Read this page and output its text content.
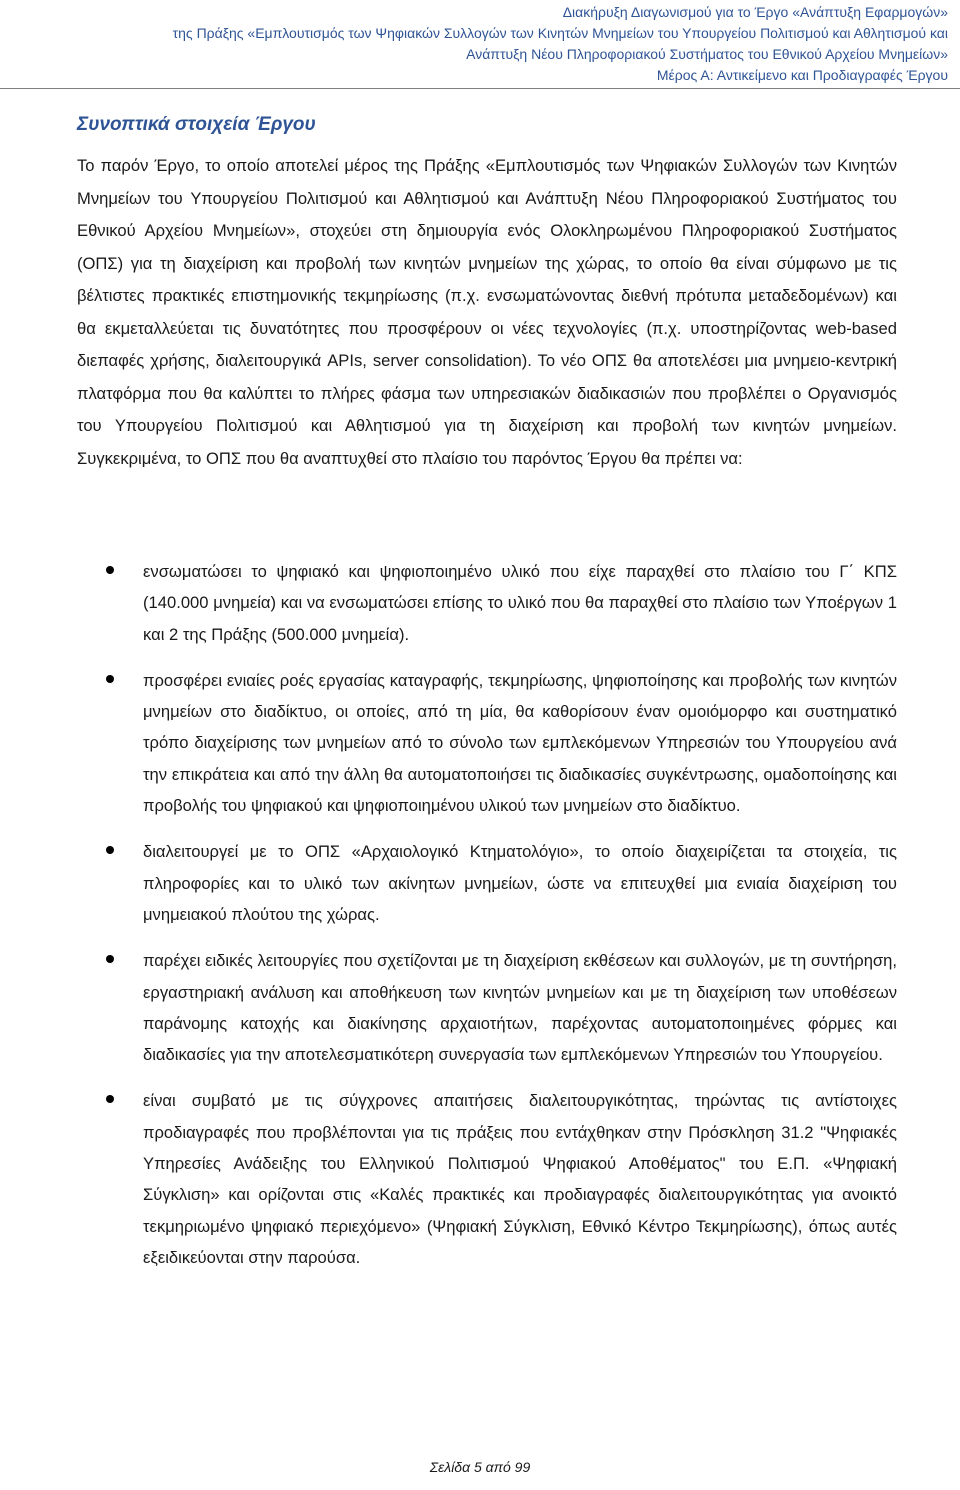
Διακήρυξη Διαγωνισμού για το Έργο «Ανάπτυξη Εφαρμογών»
της Πράξης «Εμπλουτισμός των Ψηφιακών Συλλογών των Κινητών Μνημείων του Υπουργείου Πολιτισμού και Αθλητισμού και
Ανάπτυξη Νέου Πληροφοριακού Συστήματος του Εθνικού Αρχείου Μνημείων»
Μέρος Α: Αντικείμενο και Προδιαγραφές Έργου
Συνοπτικά στοιχεία Έργου

Το παρόν Έργο, το οποίο αποτελεί μέρος της Πράξης «Εμπλουτισμός των Ψηφιακών Συλλογών των Κινητών Μνημείων του Υπουργείου Πολιτισμού και Αθλητισμού και Ανάπτυξη Νέου Πληροφοριακού Συστήματος του Εθνικού Αρχείου Μνημείων», στοχεύει στη δημιουργία ενός Ολοκληρωμένου Πληροφοριακού Συστήματος (ΟΠΣ) για τη διαχείριση και προβολή των κινητών μνημείων της χώρας, το οποίο θα είναι σύμφωνο με τις βέλτιστες πρακτικές επιστημονικής τεκμηρίωσης (π.χ. ενσωματώνοντας διεθνή πρότυπα μεταδεδομένων) και θα εκμεταλλεύεται τις δυνατότητες που προσφέρουν οι νέες τεχνολογίες (π.χ. υποστηρίζοντας web-based διεπαφές χρήσης, διαλειτουργικά APIs, server consolidation). Το νέο ΟΠΣ θα αποτελέσει μια μνημειο-κεντρική πλατφόρμα που θα καλύπτει το πλήρες φάσμα των υπηρεσιακών διαδικασιών που προβλέπει ο Οργανισμός του Υπουργείου Πολιτισμού και Αθλητισμού για τη διαχείριση και προβολή των κινητών μνημείων. Συγκεκριμένα, το ΟΠΣ που θα αναπτυχθεί στο πλαίσιο του παρόντος Έργου θα πρέπει να:

ενσωματώσει το ψηφιακό και ψηφιοποιημένο υλικό που είχε παραχθεί στο πλαίσιο του Γ΄ ΚΠΣ (140.000 μνημεία) και να ενσωματώσει επίσης το υλικό που θα παραχθεί στο πλαίσιο των Υποέργων 1 και 2 της Πράξης (500.000 μνημεία).
προσφέρει ενιαίες ροές εργασίας καταγραφής, τεκμηρίωσης, ψηφιοποίησης και προβολής των κινητών μνημείων στο διαδίκτυο, οι οποίες, από τη μία, θα καθορίσουν έναν ομοιόμορφο και συστηματικό τρόπο διαχείρισης των μνημείων από το σύνολο των εμπλεκόμενων Υπηρεσιών του Υπουργείου ανά την επικράτεια και από την άλλη θα αυτοματοποιήσει τις διαδικασίες συγκέντρωσης, ομαδοποίησης και προβολής του ψηφιακού και ψηφιοποιημένου υλικού των μνημείων στο διαδίκτυο.
διαλειτουργεί με το ΟΠΣ «Αρχαιολογικό Κτηματολόγιο», το οποίο διαχειρίζεται τα στοιχεία, τις πληροφορίες και το υλικό των ακίνητων μνημείων, ώστε να επιτευχθεί μια ενιαία διαχείριση του μνημειακού πλούτου της χώρας.
παρέχει ειδικές λειτουργίες που σχετίζονται με τη διαχείριση εκθέσεων και συλλογών, με τη συντήρηση, εργαστηριακή ανάλυση και αποθήκευση των κινητών μνημείων και με τη διαχείριση των υποθέσεων παράνομης κατοχής και διακίνησης αρχαιοτήτων, παρέχοντας αυτοματοποιημένες φόρμες και διαδικασίες για την αποτελεσματικότερη συνεργασία των εμπλεκόμενων Υπηρεσιών του Υπουργείου.
είναι συμβατό με τις σύγχρονες απαιτήσεις διαλειτουργικότητας, τηρώντας τις αντίστοιχες προδιαγραφές που προβλέπονται για τις πράξεις που εντάχθηκαν στην Πρόσκληση 31.2 "Ψηφιακές Υπηρεσίες Ανάδειξης του Ελληνικού Πολιτισμού Ψηφιακού Αποθέματος" του Ε.Π. «Ψηφιακή Σύγκλιση» και ορίζονται στις «Καλές πρακτικές και προδιαγραφές διαλειτουργικότητας για ανοικτό τεκμηριωμένο ψηφιακό περιεχόμενο» (Ψηφιακή Σύγκλιση, Εθνικό Κέντρο Τεκμηρίωσης), όπως αυτές εξειδικεύονται στην παρούσα.
Σελίδα 5 από 99
